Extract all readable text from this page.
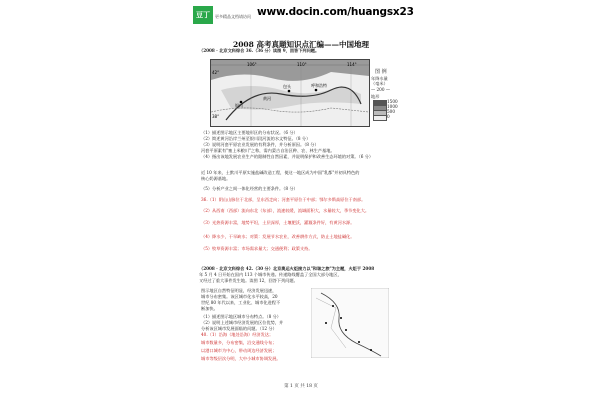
豆丁	更多精品文档请访问 www.docin.com/huangsx23
2008 高考真题知识点汇编——中国地理
（2008 · 北京文科综合 36.（36 分）读图 9，回答下列问题。
106°	110°	114°
42°
38°
黄河
包头	呼和浩特
银川
图 例
年降水量
（毫米）
— 200 —
地形
1500
1000
500
0
（1）描述图示地区主要地形区的分布状况。（6 分）
（2）简述黄河沿岸兰州至银川段河流的水文特征。（8 分）
（3）说明河套平原农业发展的有利条件，并分析原因。（8 分）
河套平原素有"塞上米粮川"之称，需内蒙古自治区种、农、林生产基地。
（4）指出该地发展农业生产的限制性自然因素，并说明保护和改善生态环境的对策。（6 分）
近 10 年来，土默川平原实施盐碱改造工程，使这一地区成为中国"乳都"并初具特色的
核心奶源基地。
（5）分析产业之间一体化经营的主要条件。（8 分）
36.（1）阴山山脉位于北部，呈东西走向；河套平原位于中部；鄂尔多斯高原位于南部。
（2）从西南（西部）流向东北（东部），流速较缓，流域面积大，水量较大，季节变化大。
（3）光热资源丰富，地势平坦，土层深厚，土壤肥沃，灌溉条件好，有黄河水源。
（4）降水少，干旱缺水；对策：发展节水农业，改善耕作方式，防止土地盐碱化。
（5）牧草资源丰富；市场需求量大；交通便利；政策支持。
（2008 · 北京文科综合 42.（30 分）北京奥运火炬接力以"和谐之旅"为主题，火炬于 2008
年 5 月 4 日开始在国内 113 个城市传递。传递路线覆盖了全国大部分地区，
又经过了重大事件发生地。读图 12，回答下列问题。
图示地区自然特征明显，经济发展迅速，
城市分布密集。该区城市化水平较高，20
世纪 80 年代以来，工业化、城市化进程不
断加快。
（1）描述图示地区城市分布特点。（8 分）
（2）说明上述城市经济发展的区位优势，并
分析该区城市发展面临的问题。（12 分）
40.（1）沿海（地处沿海）经济发达；
城市数量多，分布密集，沿交通线分布；
以港口城市为中心，带动周边经济发展；
城市等级层次分明，大中小城市协调发展。
第 1 页 共 18 页
